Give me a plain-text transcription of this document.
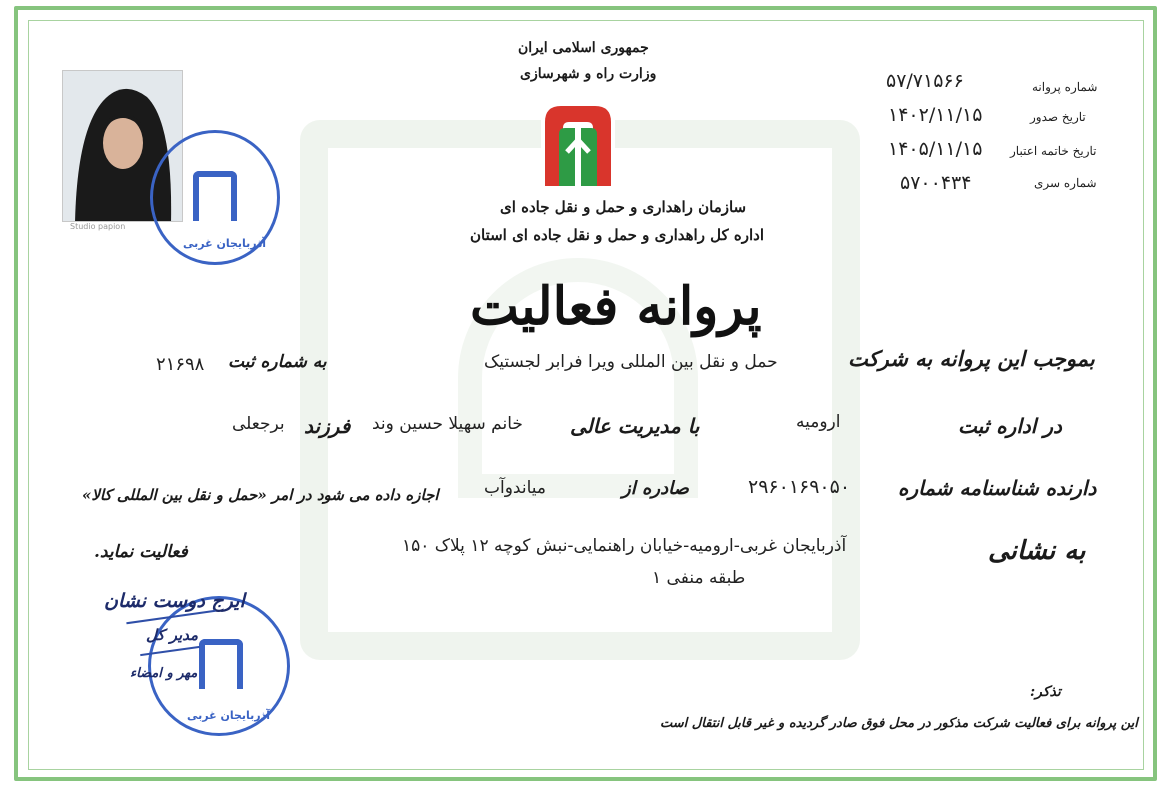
جمهوری اسلامی ایران
وزارت راه و شهرسازی
سازمان راهداری و حمل و نقل جاده ای
اداره کل راهداری و حمل و نقل جاده ای استان
شماره پروانه
۵۷/۷۱۵۶۶
تاریخ صدور
۱۴۰۲/۱۱/۱۵
تاریخ خاتمه اعتبار
۱۴۰۵/۱۱/۱۵
شماره سری
۵۷۰۰۴۳۴
Studio papion
آذربایجان غربی
پروانه فعالیت
بموجب این پروانه به شرکت
حمل و نقل بین المللی ویرا فرابر لجستیک
به شماره ثبت
۲۱۶۹۸
در اداره ثبت
ارومیه
با مدیریت عالی
خانم سهیلا حسین وند
فرزند
برجعلی
دارنده شناسنامه شماره
۲۹۶۰۱۶۹۰۵۰
صادره از
میاندوآب
اجازه داده می شود در امر «حمل و نقل بین المللی کالا»
به نشانی
آذربایجان غربی-ارومیه-خیابان راهنمایی-نبش کوچه ۱۲ پلاک ۱۵۰
طبقه منفی ۱
فعالیت نماید.
آذربایجان غربی
ایرج دوست نشان
مدیر کل
مهر و امضاء
تذکر:
این پروانه برای فعالیت شرکت مذکور در محل فوق صادر گردیده و غیر قابل انتقال است
